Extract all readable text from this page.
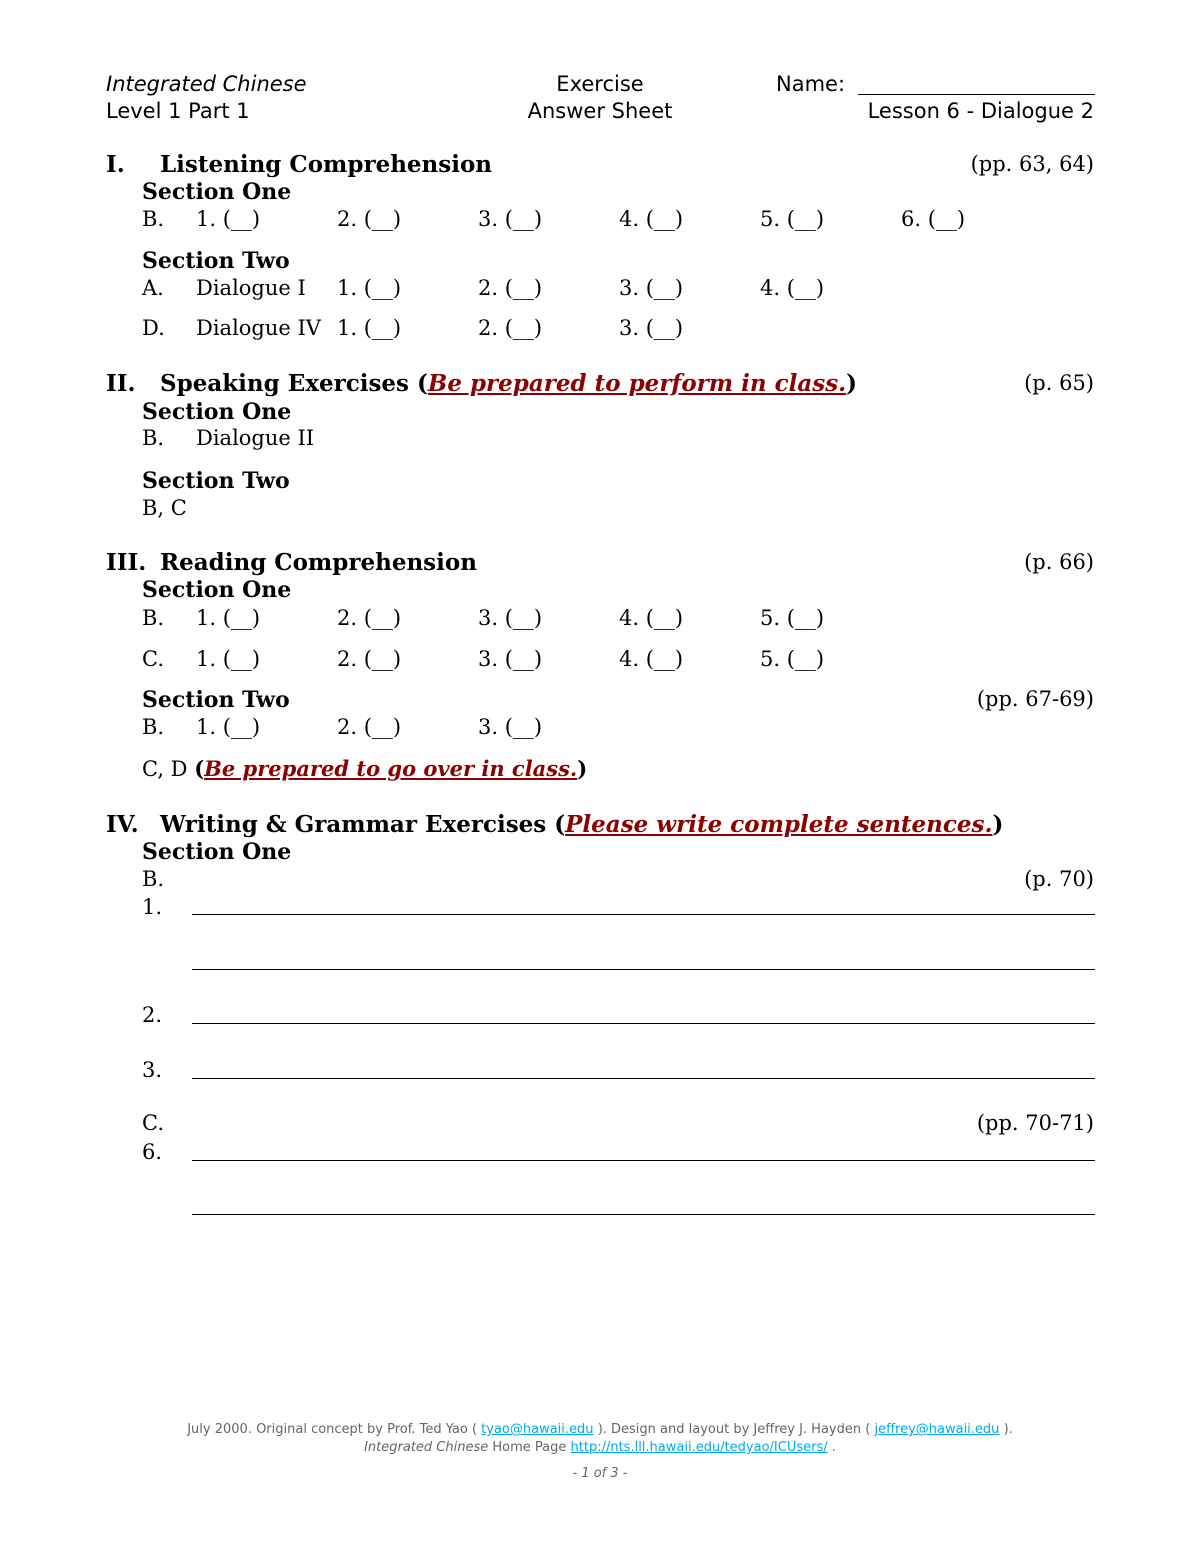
Integrated Chinese
Level 1 Part 1
Exercise
Answer Sheet
Name:
Lesson 6 - Dialogue 2
I. Listening Comprehension	(pp. 63, 64)
Section One
B. 1. (__)	2. (__)	3. (__)	4. (__)	5. (__)	6. (__)
Section Two
A. Dialogue I 1. (__)	2. (__)	3. (__)	4. (__)
D. Dialogue IV 1. (__)	2. (__)	3. (__)
II. Speaking Exercises (Be prepared to perform in class.)	(p. 65)
Section One
B. Dialogue II
Section Two
B, C
III. Reading Comprehension	(p. 66)
Section One
B. 1. (__)	2. (__)	3. (__)	4. (__)	5. (__)
C. 1. (__)	2. (__)	3. (__)	4. (__)	5. (__)
Section Two	(pp. 67-69)
B. 1. (__)	2. (__)	3. (__)
C, D (Be prepared to go over in class.)
IV. Writing & Grammar Exercises (Please write complete sentences.)
Section One
B.	(p. 70)
1.
2.
3.
C.	(pp. 70-71)
6.
July 2000. Original concept by Prof. Ted Yao ( tyao@hawaii.edu ). Design and layout by Jeffrey J. Hayden ( jeffrey@hawaii.edu ).
Integrated Chinese Home Page http://nts.lll.hawaii.edu/tedyao/ICUsers/ .
- 1 of 3 -
